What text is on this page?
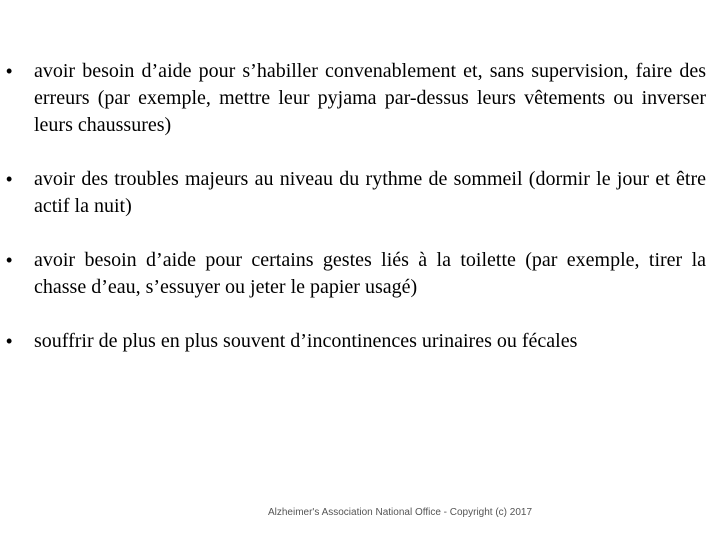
• avoir besoin d’aide pour s’habiller convenablement et, sans supervision, faire des erreurs (par exemple, mettre leur pyjama par-dessus leurs vêtements ou inverser leurs chaussures)
• avoir des troubles majeurs au niveau du rythme de sommeil (dormir le jour et être actif la nuit)
• avoir besoin d’aide pour certains gestes liés à la toilette (par exemple, tirer la chasse d’eau, s’essuyer ou jeter le papier usagé)
• souffrir de plus en plus souvent d’incontinences urinaires ou fécales
Alzheimer's Association National Office - Copyright (c) 2017
